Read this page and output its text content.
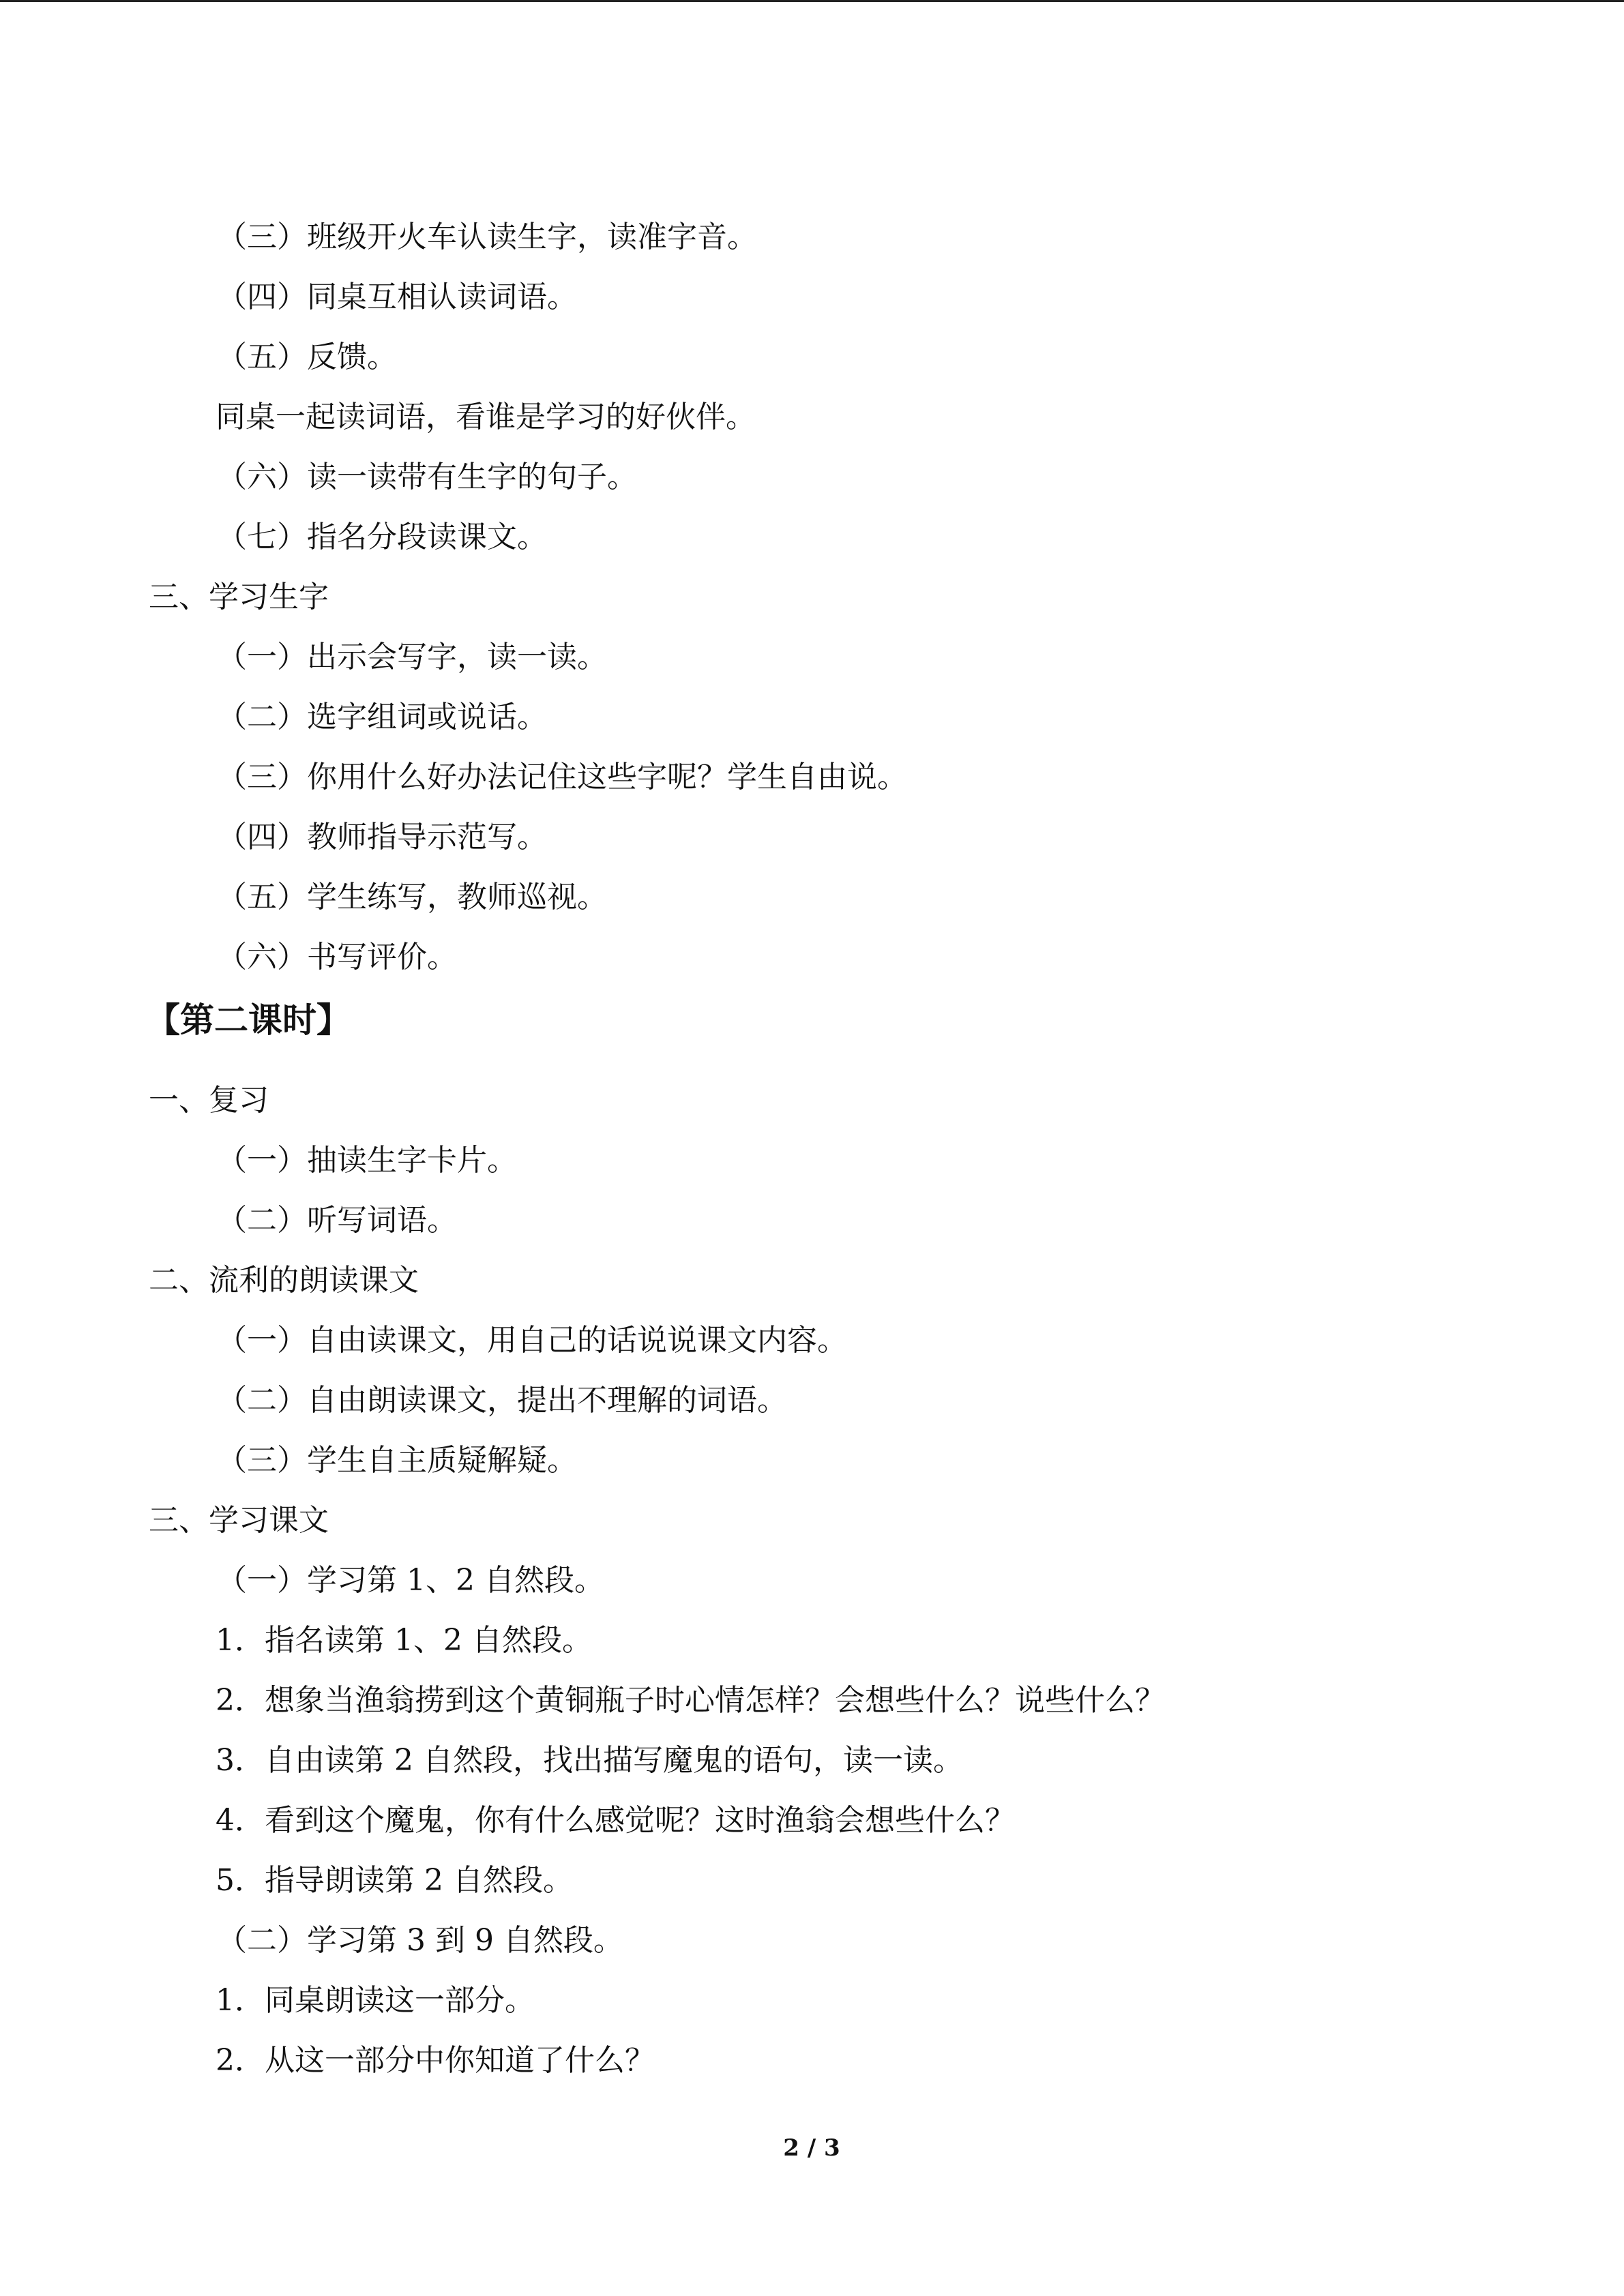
（三）班级开火车认读生字，读准字音。
（四）同桌互相认读词语。
（五）反馈。
同桌一起读词语，看谁是学习的好伙伴。
（六）读一读带有生字的句子。
（七）指名分段读课文。
三、学习生字
（一）出示会写字，读一读。
（二）选字组词或说话。
（三）你用什么好办法记住这些字呢？学生自由说。
（四）教师指导示范写。
（五）学生练写，教师巡视。
（六）书写评价。
【第二课时】
一、复习
（一）抽读生字卡片。
（二）听写词语。
二、流利的朗读课文
（一）自由读课文，用自己的话说说课文内容。
（二）自由朗读课文，提出不理解的词语。
（三）学生自主质疑解疑。
三、学习课文
（一）学习第 1、2 自然段。
1．指名读第 1、2 自然段。
2．想象当渔翁捞到这个黄铜瓶子时心情怎样？会想些什么？说些什么？
3．自由读第 2 自然段，找出描写魔鬼的语句，读一读。
4．看到这个魔鬼，你有什么感觉呢？这时渔翁会想些什么？
5．指导朗读第 2 自然段。
（二）学习第 3 到 9 自然段。
1．同桌朗读这一部分。
2．从这一部分中你知道了什么？
2 / 3
